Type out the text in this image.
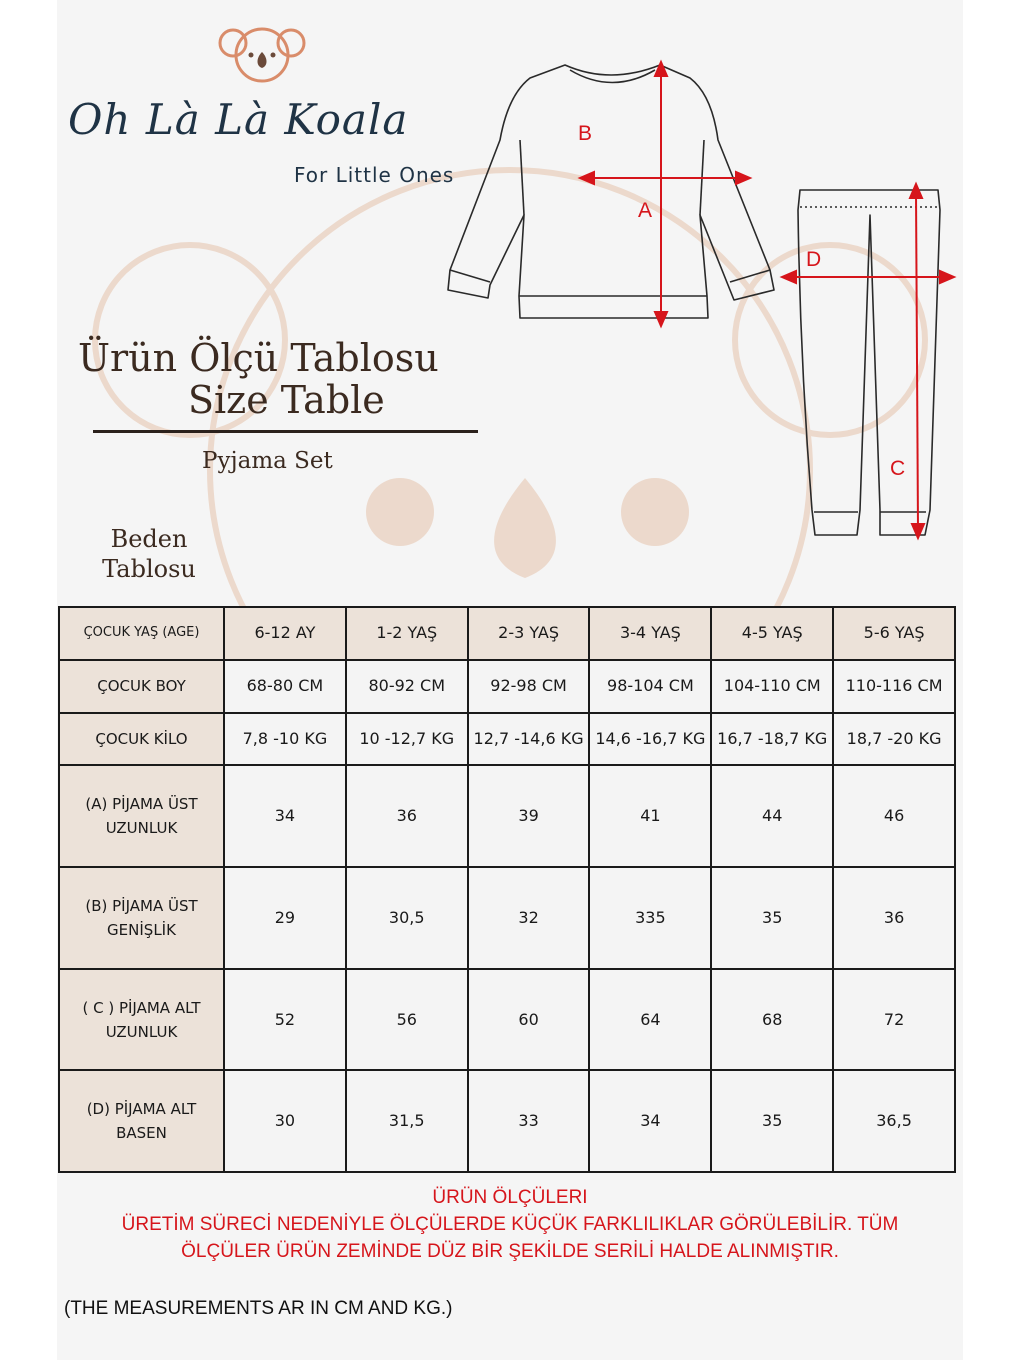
B
A
D
C
Oh Là Là Koala
For Little Ones
Ürün Ölçü Tablosu
Size Table
Pyjama Set
Beden
Tablosu
ÇOCUK YAŞ (AGE)	6-12 AY	1-2 YAŞ	2-3 YAŞ	3-4 YAŞ	4-5 YAŞ	5-6 YAŞ
ÇOCUK BOY	68-80 CM	80-92 CM	92-98 CM	98-104 CM	104-110 CM	110-116 CM
ÇOCUK KİLO	7,8 -10 KG	10 -12,7 KG	12,7 -14,6 KG	14,6 -16,7 KG	16,7 -18,7 KG	18,7 -20 KG

(A) PİJAMA ÜST
UZUNLUK	34	36	39	41	44	46

(B) PİJAMA ÜST
GENİŞLİK	29	30,5	32	335	35	36

( C ) PİJAMA ALT
UZUNLUK	52	56	60	64	68	72

(D) PİJAMA ALT
BASEN	30	31,5	33	34	35	36,5
ÜRÜN ÖLÇÜLERI
ÜRETİM SÜRECİ NEDENİYLE ÖLÇÜLERDE KÜÇÜK FARKLILIKLAR GÖRÜLEBİLİR. TÜM
ÖLÇÜLER ÜRÜN ZEMİNDE DÜZ BİR ŞEKİLDE SERİLİ HALDE ALINMIŞTIR.
(THE MEASUREMENTS AR IN CM AND KG.)
